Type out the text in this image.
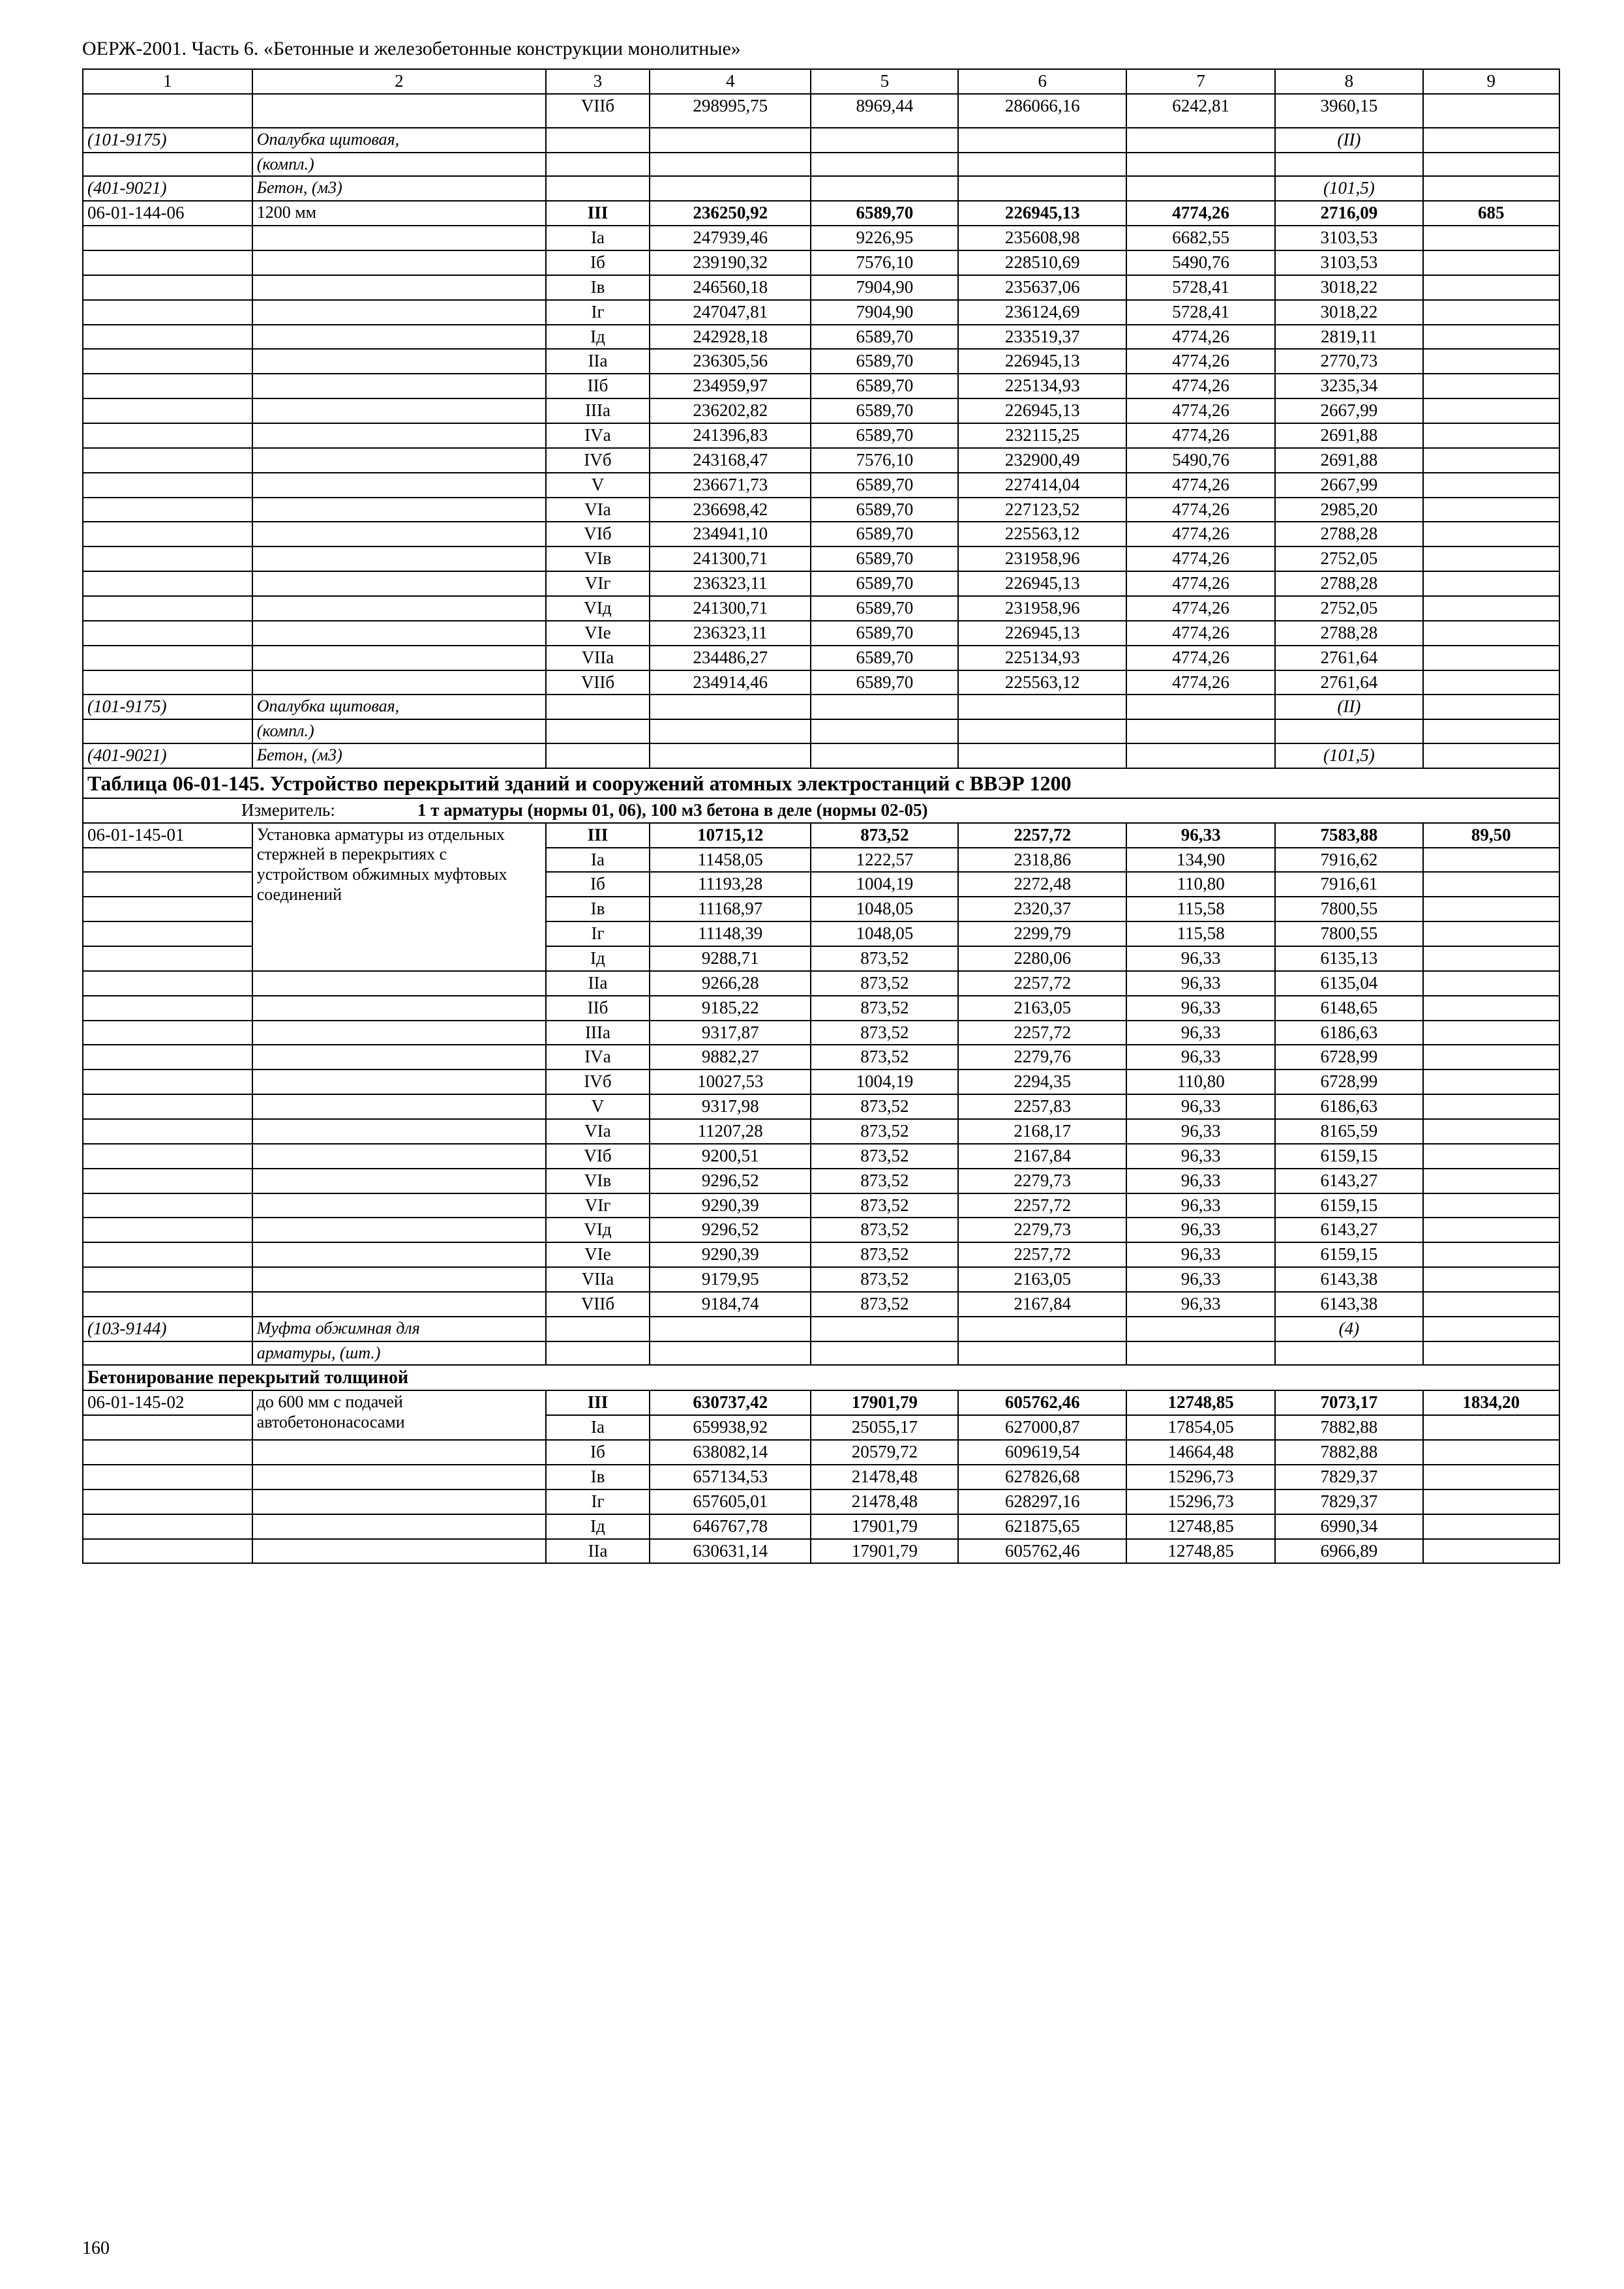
ОЕРЖ-2001. Часть 6. «Бетонные и железобетонные конструкции монолитные»
1	2	3	4	5	6	7	8	9
		VIIб	298995,75	8969,44	286066,16	6242,81	3960,15	
(101-9175)	Опалубка щитовая,						(II)	
	(компл.)							
(401-9021)	Бетон, (м3)						(101,5)	
06-01-144-06	1200 мм	III	236250,92	6589,70	226945,13	4774,26	2716,09	685
		Iа	247939,46	9226,95	235608,98	6682,55	3103,53	
		Iб	239190,32	7576,10	228510,69	5490,76	3103,53	
		Iв	246560,18	7904,90	235637,06	5728,41	3018,22	
		Iг	247047,81	7904,90	236124,69	5728,41	3018,22	
		Iд	242928,18	6589,70	233519,37	4774,26	2819,11	
		IIа	236305,56	6589,70	226945,13	4774,26	2770,73	
		IIб	234959,97	6589,70	225134,93	4774,26	3235,34	
		IIIа	236202,82	6589,70	226945,13	4774,26	2667,99	
		IVа	241396,83	6589,70	232115,25	4774,26	2691,88	
		IVб	243168,47	7576,10	232900,49	5490,76	2691,88	
		V	236671,73	6589,70	227414,04	4774,26	2667,99	
		VIа	236698,42	6589,70	227123,52	4774,26	2985,20	
		VIб	234941,10	6589,70	225563,12	4774,26	2788,28	
		VIв	241300,71	6589,70	231958,96	4774,26	2752,05	
		VIг	236323,11	6589,70	226945,13	4774,26	2788,28	
		VIд	241300,71	6589,70	231958,96	4774,26	2752,05	
		VIе	236323,11	6589,70	226945,13	4774,26	2788,28	
		VIIа	234486,27	6589,70	225134,93	4774,26	2761,64	
		VIIб	234914,46	6589,70	225563,12	4774,26	2761,64	
(101-9175)	Опалубка щитовая,						(II)	
	(компл.)							
(401-9021)	Бетон, (м3)						(101,5)	

Таблица 06-01-145. Устройство перекрытий зданий и сооружений атомных электростанций с ВВЭР 1200								

Измеритель: 1 т арматуры (нормы 01, 06), 100 м3 бетона в деле (нормы 02-05)								

06-01-145-01	Установка арматуры из отдельных стержней в перекрытиях с устройством обжимных муфтовых соединений	III	10715,12	873,52	2257,72	96,33	7583,88	89,50
		Iа	11458,05	1222,57	2318,86	134,90	7916,62	
		Iб	11193,28	1004,19	2272,48	110,80	7916,61	
		Iв	11168,97	1048,05	2320,37	115,58	7800,55	
		Iг	11148,39	1048,05	2299,79	115,58	7800,55	
		Iд	9288,71	873,52	2280,06	96,33	6135,13	
		IIа	9266,28	873,52	2257,72	96,33	6135,04	
		IIб	9185,22	873,52	2163,05	96,33	6148,65	
		IIIа	9317,87	873,52	2257,72	96,33	6186,63	
		IVа	9882,27	873,52	2279,76	96,33	6728,99	
		IVб	10027,53	1004,19	2294,35	110,80	6728,99	
		V	9317,98	873,52	2257,83	96,33	6186,63	
		VIа	11207,28	873,52	2168,17	96,33	8165,59	
		VIб	9200,51	873,52	2167,84	96,33	6159,15	
		VIв	9296,52	873,52	2279,73	96,33	6143,27	
		VIг	9290,39	873,52	2257,72	96,33	6159,15	
		VIд	9296,52	873,52	2279,73	96,33	6143,27	
		VIе	9290,39	873,52	2257,72	96,33	6159,15	
		VIIа	9179,95	873,52	2163,05	96,33	6143,38	
		VIIб	9184,74	873,52	2167,84	96,33	6143,38	
(103-9144)	Муфта обжимная для						(4)	
	арматуры, (шт.)							
Бетонирование перекрытий толщиной								
06-01-145-02	до 600 мм с подачей автобетононасосами	III	630737,42	17901,79	605762,46	12748,85	7073,17	1834,20
		Iа	659938,92	25055,17	627000,87	17854,05	7882,88	
		Iб	638082,14	20579,72	609619,54	14664,48	7882,88	
		Iв	657134,53	21478,48	627826,68	15296,73	7829,37	
		Iг	657605,01	21478,48	628297,16	15296,73	7829,37	
		Iд	646767,78	17901,79	621875,65	12748,85	6990,34	
		IIа	630631,14	17901,79	605762,46	12748,85	6966,89	
160
